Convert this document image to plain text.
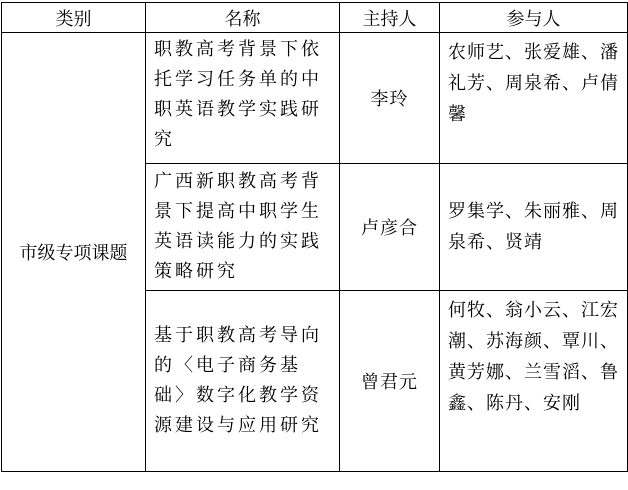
类别	名称	主持人	参与人
市级专项课题	职教高考背景下依托学习任务单的中职英语教学实践研究	李玲	农师艺、张爱雄、潘礼芳、周泉希、卢倩馨
	广西新职教高考背景下提高中职学生英语读能力的实践策略研究	卢彦合	罗集学、朱丽雅、周泉希、贤靖
	基于职教高考导向的〈电子商务基础〉数字化教学资源建设与应用研究	曾君元	何牧、翁小云、江宏潮、苏海颜、覃川、黄芳娜、兰雪滔、鲁鑫、陈丹、安刚
